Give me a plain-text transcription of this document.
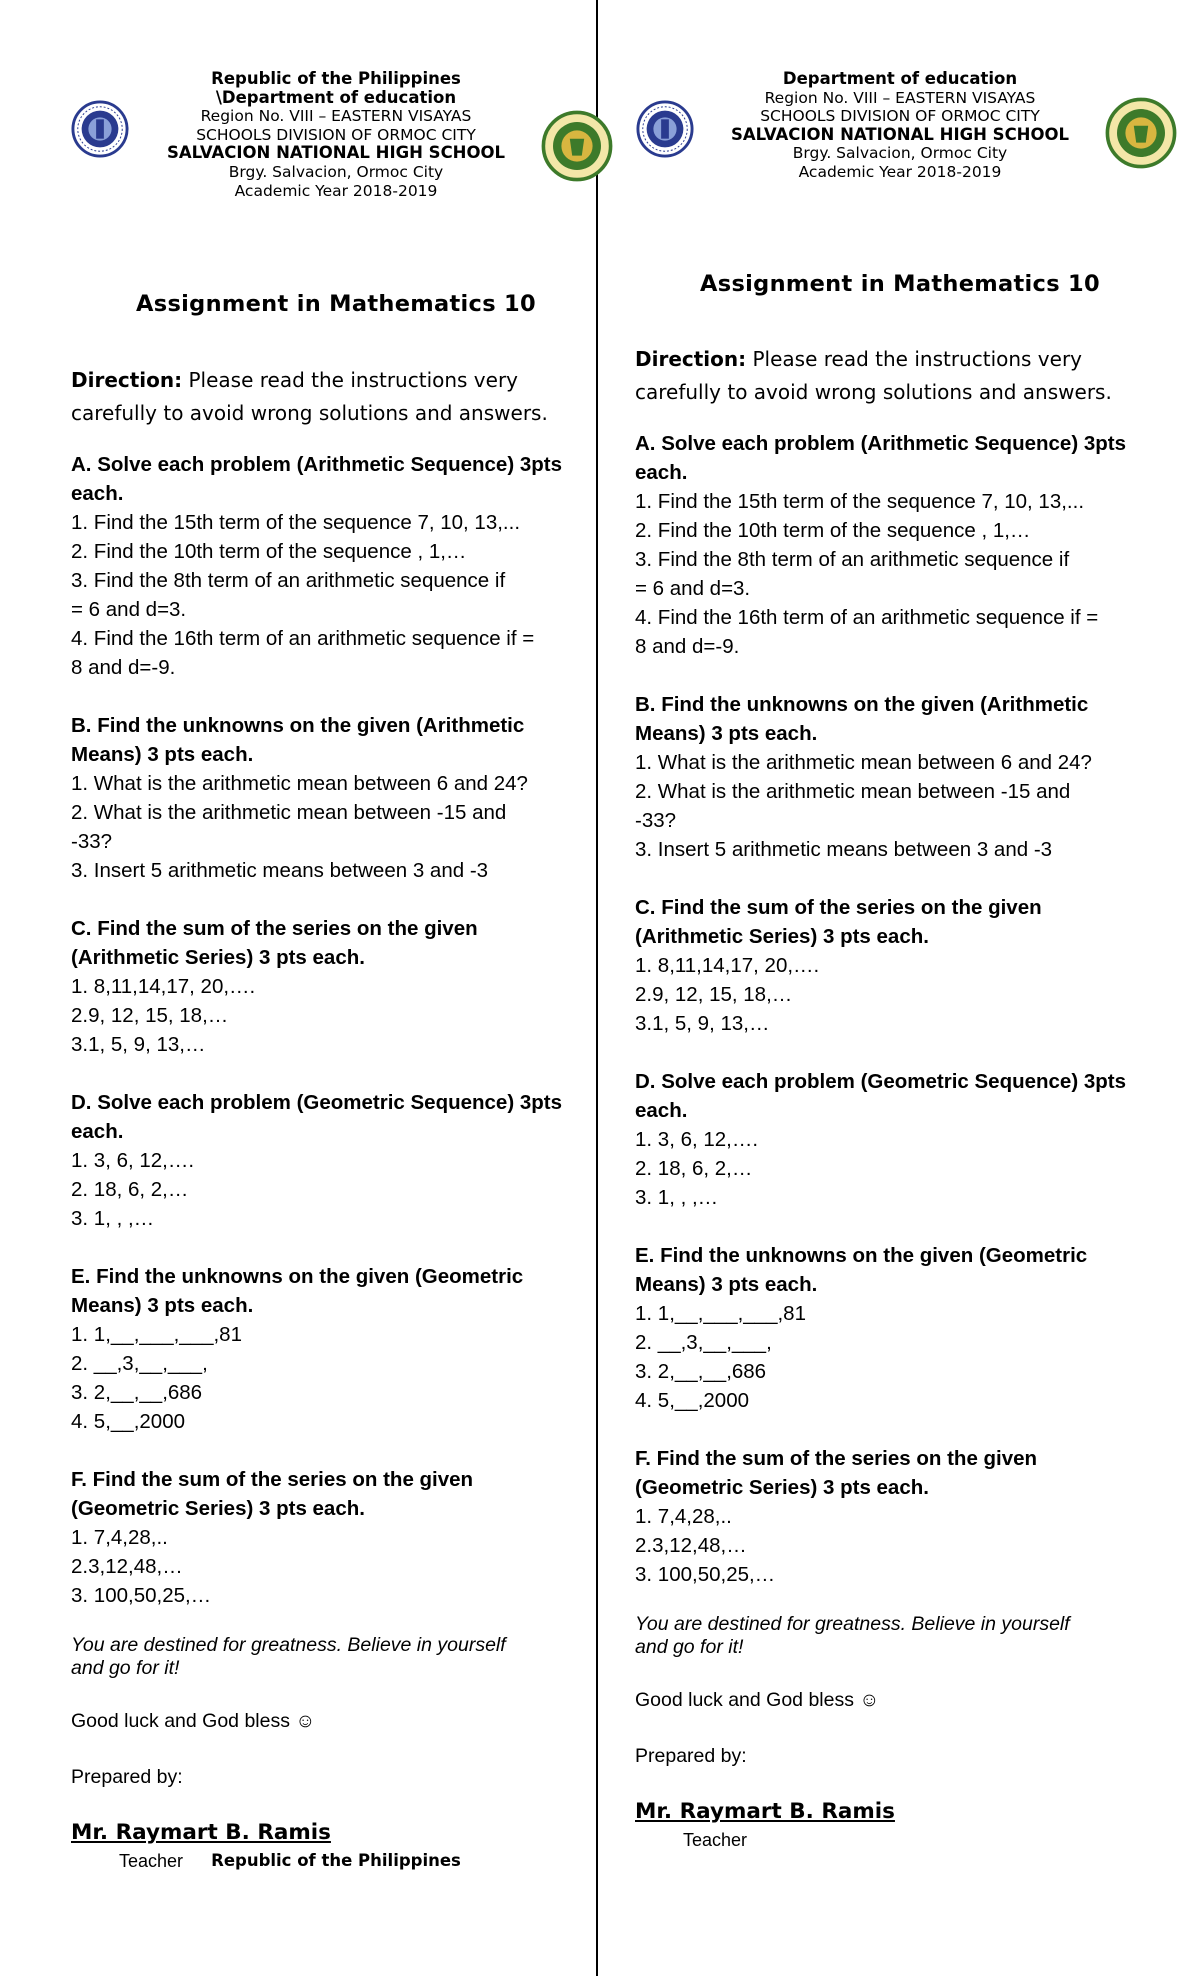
Republic of the Philippines
\Department of education
Region No. VIII – EASTERN VISAYAS
SCHOOLS DIVISION OF ORMOC CITY
SALVACION NATIONAL HIGH SCHOOL
Brgy. Salvacion, Ormoc City
Academic Year 2018-2019
Assignment in Mathematics 10
Direction: Please read the instructions very
carefully to avoid wrong solutions and answers.
A. Solve each problem (Arithmetic Sequence) 3pts
each.
1. Find the 15th term of the sequence 7, 10, 13,...
2. Find the 10th term of the sequence , 1,…
3. Find the 8th term of an arithmetic sequence if
= 6 and d=3.
4. Find the 16th term of an arithmetic sequence if =
8 and d=-9.
B. Find the unknowns on the given (Arithmetic
Means) 3 pts each.
1. What is the arithmetic mean between 6 and 24?
2. What is the arithmetic mean between -15 and
-33?
3. Insert 5 arithmetic means between 3 and -3
C. Find the sum of the series on the given
(Arithmetic Series) 3 pts each.
1. 8,11,14,17, 20,….
2.9, 12, 15, 18,…
3.1, 5, 9, 13,…
D. Solve each problem (Geometric Sequence) 3pts
each.
1. 3, 6, 12,….
2. 18, 6, 2,…
3. 1, , ,…
E. Find the unknowns on the given (Geometric
Means) 3 pts each.
1. 1,__,___,___,81
2. __,3,__,___,
3. 2,__,__,686
4. 5,__,2000
F. Find the sum of the series on the given
(Geometric Series) 3 pts each.
1. 7,4,28,..
2.3,12,48,…
3. 100,50,25,…
You are destined for greatness. Believe in yourself
and go for it!
Good luck and God bless ☺
Prepared by:
Mr. Raymart B. Ramis
Teacher
Department of education
Region No. VIII – EASTERN VISAYAS
SCHOOLS DIVISION OF ORMOC CITY
SALVACION NATIONAL HIGH SCHOOL
Brgy. Salvacion, Ormoc City
Academic Year 2018-2019
Assignment in Mathematics 10
Direction: Please read the instructions very
carefully to avoid wrong solutions and answers.
A. Solve each problem (Arithmetic Sequence) 3pts
each.
1. Find the 15th term of the sequence 7, 10, 13,...
2. Find the 10th term of the sequence , 1,…
3. Find the 8th term of an arithmetic sequence if
= 6 and d=3.
4. Find the 16th term of an arithmetic sequence if =
8 and d=-9.
B. Find the unknowns on the given (Arithmetic
Means) 3 pts each.
1. What is the arithmetic mean between 6 and 24?
2. What is the arithmetic mean between -15 and
-33?
3. Insert 5 arithmetic means between 3 and -3
C. Find the sum of the series on the given
(Arithmetic Series) 3 pts each.
1. 8,11,14,17, 20,….
2.9, 12, 15, 18,…
3.1, 5, 9, 13,…
D. Solve each problem (Geometric Sequence) 3pts
each.
1. 3, 6, 12,….
2. 18, 6, 2,…
3. 1, , ,…
E. Find the unknowns on the given (Geometric
Means) 3 pts each.
1. 1,__,___,___,81
2. __,3,__,___,
3. 2,__,__,686
4. 5,__,2000
F. Find the sum of the series on the given
(Geometric Series) 3 pts each.
1. 7,4,28,..
2.3,12,48,…
3. 100,50,25,…
You are destined for greatness. Believe in yourself
and go for it!
Good luck and God bless ☺
Prepared by:
Mr. Raymart B. Ramis
Teacher
Republic of the Philippines
